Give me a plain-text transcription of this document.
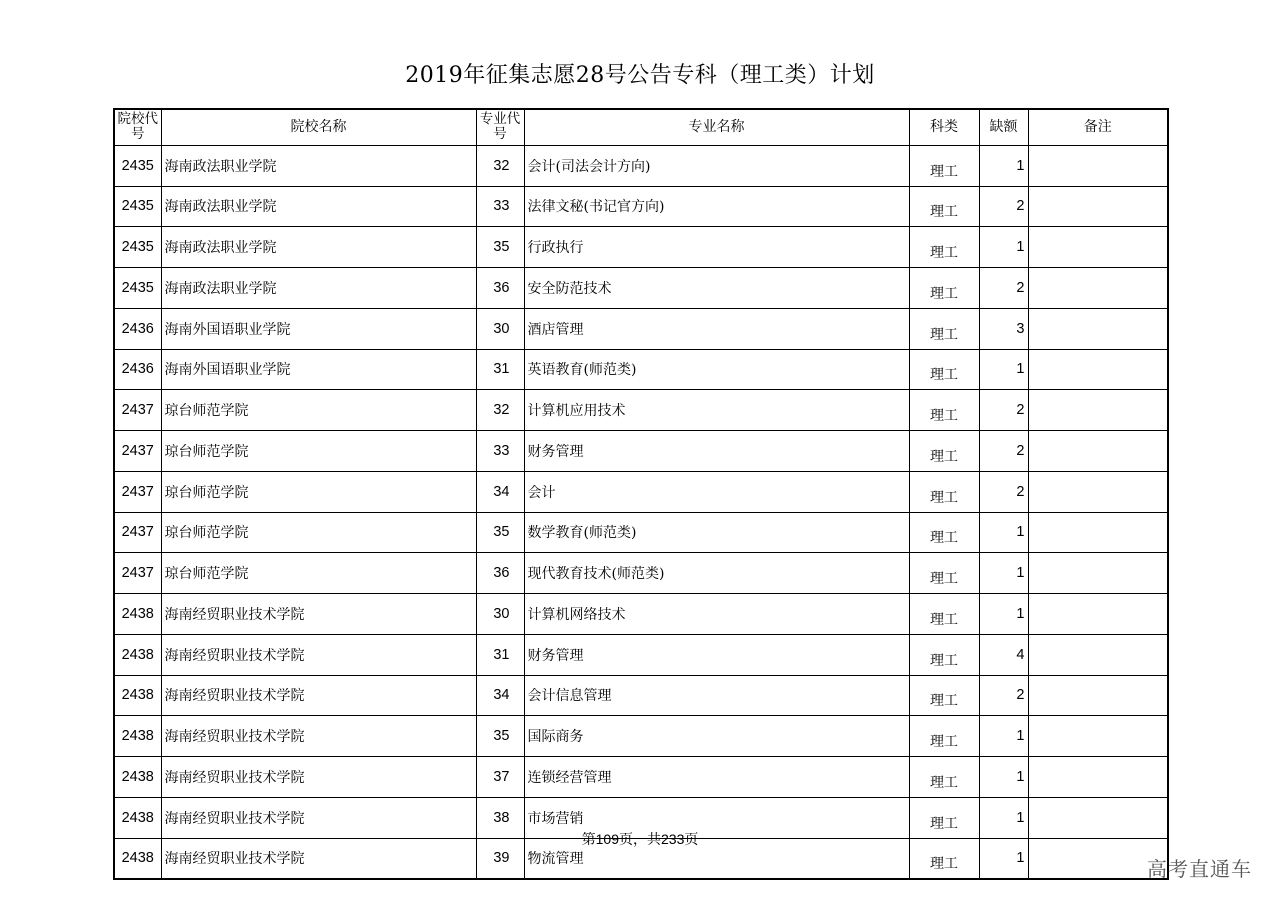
2019年征集志愿28号公告专科（理工类）计划
院校代号	院校名称	专业代号	专业名称	科类	缺额	备注
2435	海南政法职业学院	32	会计(司法会计方向)	理工	1	
2435	海南政法职业学院	33	法律文秘(书记官方向)	理工	2	
2435	海南政法职业学院	35	行政执行	理工	1	
2435	海南政法职业学院	36	安全防范技术	理工	2	
2436	海南外国语职业学院	30	酒店管理	理工	3	
2436	海南外国语职业学院	31	英语教育(师范类)	理工	1	
2437	琼台师范学院	32	计算机应用技术	理工	2	
2437	琼台师范学院	33	财务管理	理工	2	
2437	琼台师范学院	34	会计	理工	2	
2437	琼台师范学院	35	数学教育(师范类)	理工	1	
2437	琼台师范学院	36	现代教育技术(师范类)	理工	1	
2438	海南经贸职业技术学院	30	计算机网络技术	理工	1	
2438	海南经贸职业技术学院	31	财务管理	理工	4	
2438	海南经贸职业技术学院	34	会计信息管理	理工	2	
2438	海南经贸职业技术学院	35	国际商务	理工	1	
2438	海南经贸职业技术学院	37	连锁经营管理	理工	1	
2438	海南经贸职业技术学院	38	市场营销	理工	1	
2438	海南经贸职业技术学院	39	物流管理	理工	1	
第109页，共233页
高考直通车
